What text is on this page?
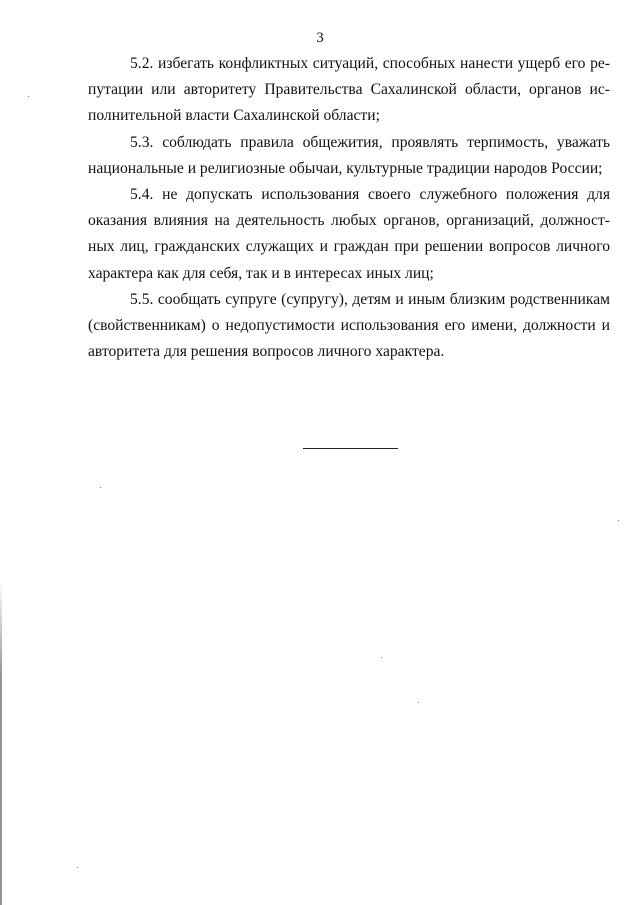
3

5.2. избегать конфликтных ситуаций, способных нанести ущерб его репутации или авторитету Правительства Сахалинской области, органов исполнительной власти Сахалинской области;

5.3. соблюдать правила общежития, проявлять терпимость, уважать национальные и религиозные обычаи, культурные традиции народов России;

5.4. не допускать использования своего служебного положения для оказания влияния на деятельность любых органов, организаций, должностных лиц, гражданских служащих и граждан при решении вопросов личного характера как для себя, так и в интересах иных лиц;

5.5. сообщать супруге (супругу), детям и иным близким родственникам (свойственникам) о недопустимости использования его имени, должности и авторитета для решения вопросов личного характера.
